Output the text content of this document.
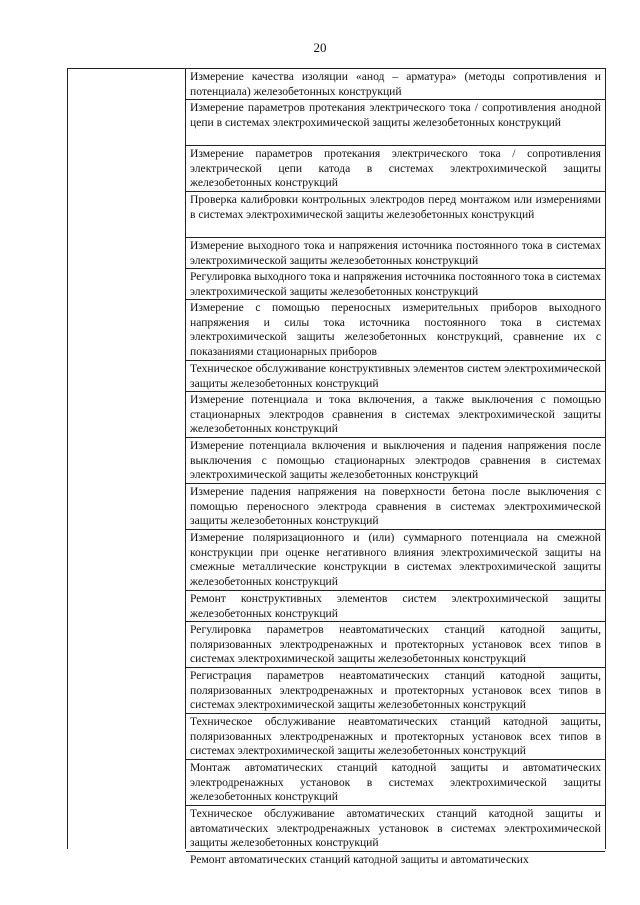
20
Измерение качества изоляции «анод – арматура» (методы сопротивления и потенциала) железобетонных конструкций
Измерение параметров протекания электрического тока / сопротивления анодной цепи в системах электрохимической защиты железобетонных конструкций
Измерение параметров протекания электрического тока / сопротивления электрической цепи катода в системах электрохимической защиты железобетонных конструкций
Проверка калибровки контрольных электродов перед монтажом или измерениями в системах электрохимической защиты железобетонных конструкций
Измерение выходного тока и напряжения источника постоянного тока в системах электрохимической защиты железобетонных конструкций
Регулировка выходного тока и напряжения источника постоянного тока в системах электрохимической защиты железобетонных конструкций
Измерение с помощью переносных измерительных приборов выходного напряжения и силы тока источника постоянного тока в системах электрохимической защиты железобетонных конструкций, сравнение их с показаниями стационарных приборов
Техническое обслуживание конструктивных элементов систем электрохимической защиты железобетонных конструкций
Измерение потенциала и тока включения, а также выключения с помощью стационарных электродов сравнения в системах электрохимической защиты железобетонных конструкций
Измерение потенциала включения и выключения и падения напряжения после выключения с помощью стационарных электродов сравнения в системах электрохимической защиты железобетонных конструкций
Измерение падения напряжения на поверхности бетона после выключения с помощью переносного электрода сравнения в системах электрохимической защиты железобетонных конструкций
Измерение поляризационного и (или) суммарного потенциала на смежной конструкции при оценке негативного влияния электрохимической защиты на смежные металлические конструкции в системах электрохимической защиты железобетонных конструкций
Ремонт конструктивных элементов систем электрохимической защиты железобетонных конструкций
Регулировка параметров неавтоматических станций катодной защиты, поляризованных электродренажных и протекторных установок всех типов в системах электрохимической защиты железобетонных конструкций
Регистрация параметров неавтоматических станций катодной защиты, поляризованных электродренажных и протекторных установок всех типов в системах электрохимической защиты железобетонных конструкций
Техническое обслуживание неавтоматических станций катодной защиты, поляризованных электродренажных и протекторных установок всех типов в системах электрохимической защиты железобетонных конструкций
Монтаж автоматических станций катодной защиты и автоматических электродренажных установок в системах электрохимической защиты железобетонных конструкций
Техническое обслуживание автоматических станций катодной защиты и автоматических электродренажных установок в системах электрохимической защиты железобетонных конструкций
Ремонт автоматических станций катодной защиты и автоматических
